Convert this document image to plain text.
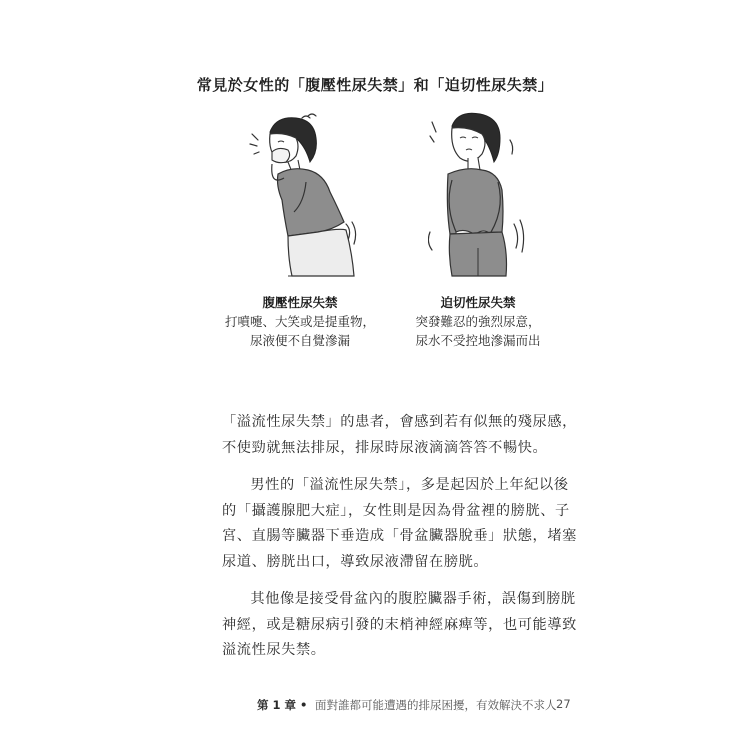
常見於女性的「腹壓性尿失禁」和「迫切性尿失禁」
腹壓性尿失禁
打噴嚏、大笑或是提重物，
尿液便不自覺滲漏
迫切性尿失禁
突發難忍的強烈尿意，
尿水不受控地滲漏而出

「溢流性尿失禁」的患者，會感到若有似無的殘尿感，不使勁就無法排尿，排尿時尿液滴滴答答不暢快。

男性的「溢流性尿失禁」，多是起因於上年紀以後的「攝護腺肥大症」，女性則是因為骨盆裡的膀胱、子宮、直腸等臟器下垂造成「骨盆臟器脫垂」狀態，堵塞尿道、膀胱出口，導致尿液滯留在膀胱。

其他像是接受骨盆內的腹腔臟器手術，誤傷到膀胱神經，或是糖尿病引發的末梢神經麻痺等，也可能導致溢流性尿失禁。

第 1 章 • 面對誰都可能遭遇的排尿困擾，有效解決不求人 27
